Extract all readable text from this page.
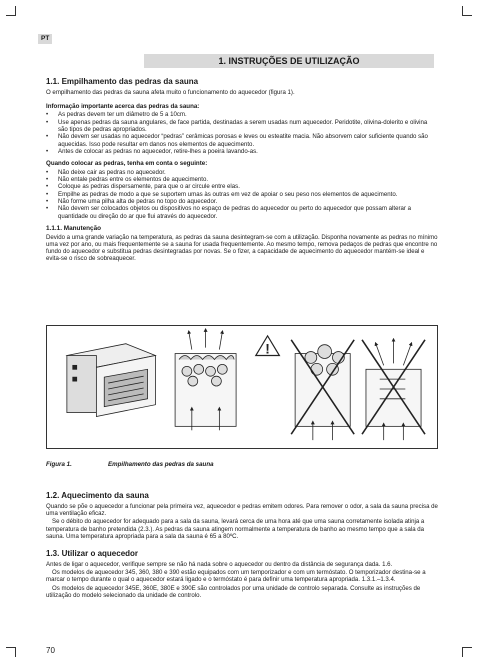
PT
1. INSTRUÇÕES DE UTILIZAÇÃO
1.1. Empilhamento das pedras da sauna

O empilhamento das pedras da sauna afeta muito o funcionamento do aquecedor (figura 1).

Informação importante acerca das pedras da sauna:
• As pedras devem ter um diâmetro de 5 a 10cm.
• Use apenas pedras da sauna angulares, de face partida, destinadas a serem usadas num aquecedor. Peridotite, olivina-dolerito e olivina são tipos de pedras apropriados.
• Não devem ser usadas no aquecedor “pedras” cerâmicas porosas e leves ou esteatite macia. Não absorvem calor suficiente quando são aquecidas. Isso pode resultar em danos nos elementos de aquecimento.
• Antes de colocar as pedras no aquecedor, retire-lhes a poeira lavando-as.
Quando colocar as pedras, tenha em conta o seguinte:
• Não deixe cair as pedras no aquecedor.
• Não entale pedras entre os elementos de aquecimento.
• Coloque as pedras dispersamente, para que o ar circule entre elas.
• Empilhe as pedras de modo a que se suportem umas às outras em vez de apoiar o seu peso nos elementos de aquecimento.
• Não forme uma pilha alta de pedras no topo do aquecedor.
• Não devem ser colocados objetos ou dispositivos no espaço de pedras do aquecedor ou perto do aquecedor que possam alterar a quantidade ou direção do ar que flui através do aquecedor.
1.1.1. Manutenção

Devido a uma grande variação na temperatura, as pedras da sauna desintegram-se com a utilização. Disponha novamente as pedras no mínimo uma vez por ano, ou mais frequentemente se a sauna for usada frequentemente. Ao mesmo tempo, remova pedaços de pedras que encontre no fundo do aquecedor e substitua pedras desintegradas por novas. Se o fizer, a capacidade de aquecimento do aquecedor mantém-se ideal e evita-se o risco de sobreaquecer.

!
Figura 1.	Empilhamento das pedras da sauna
1.2. Aquecimento da sauna

Quando se põe o aquecedor a funcionar pela primeira vez, aquecedor e pedras emitem odores. Para remover o odor, a sala da sauna precisa de uma ventilação eficaz.

Se o débito do aquecedor for adequado para a sala da sauna, levará cerca de uma hora até que uma sauna corretamente isolada atinja a temperatura de banho pretendida (2.3.). As pedras da sauna atingem normalmente a temperatura de banho ao mesmo tempo que a sala da sauna. Uma temperatura apropriada para a sala da sauna é 65 a 80ºC.

1.3. Utilizar o aquecedor

Antes de ligar o aquecedor, verifique sempre se não há nada sobre o aquecedor ou dentro da distância de segurança dada. 1.6.

Os modelos de aquecedor 345, 360, 380 e 390 estão equipados com um temporizador e com um termóstato. O temporizador destina-se a marcar o tempo durante o qual o aquecedor estará ligado e o termóstato é para definir uma temperatura apropriada. 1.3.1.–1.3.4.

Os modelos de aquecedor 345E, 360E, 380E e 390E são controlados por uma unidade de controlo separada. Consulte as instruções de utilização do modelo selecionado da unidade de controlo.

70
